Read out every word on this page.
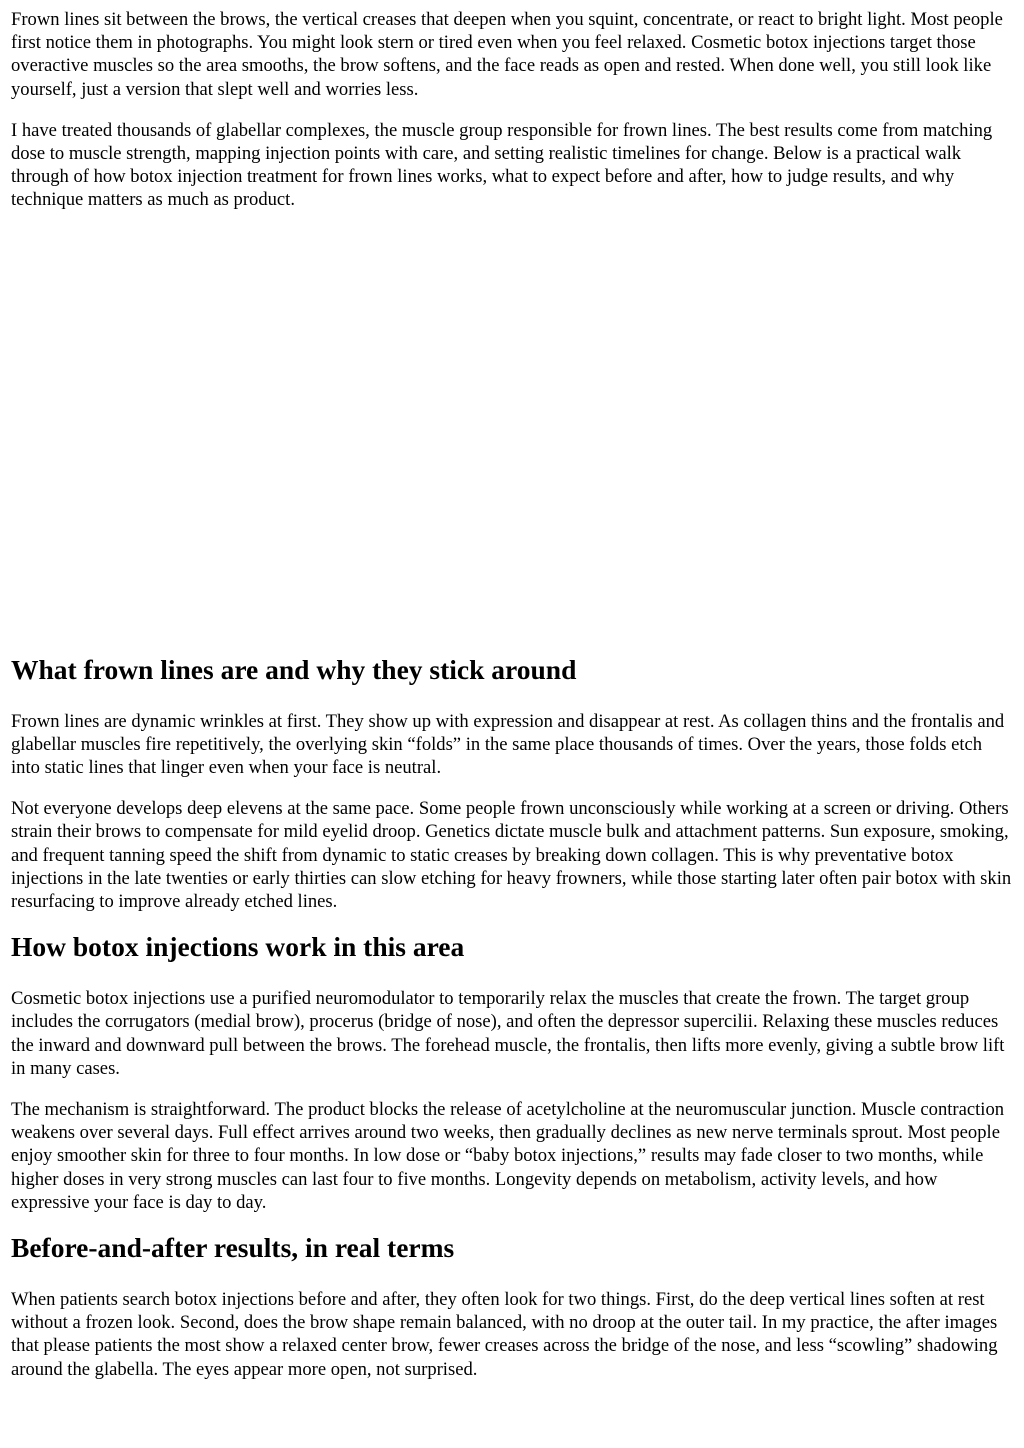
Frown lines sit between the brows, the vertical creases that deepen when you squint, concentrate, or react to bright light. Most people first notice them in photographs. You might look stern or tired even when you feel relaxed. Cosmetic botox injections target those overactive muscles so the area smooths, the brow softens, and the face reads as open and rested. When done well, you still look like yourself, just a version that slept well and worries less.

I have treated thousands of glabellar complexes, the muscle group responsible for frown lines. The best results come from matching dose to muscle strength, mapping injection points with care, and setting realistic timelines for change. Below is a practical walk through of how botox injection treatment for frown lines works, what to expect before and after, how to judge results, and why technique matters as much as product.

What frown lines are and why they stick around

Frown lines are dynamic wrinkles at first. They show up with expression and disappear at rest. As collagen thins and the frontalis and glabellar muscles fire repetitively, the overlying skin “folds” in the same place thousands of times. Over the years, those folds etch into static lines that linger even when your face is neutral.

Not everyone develops deep elevens at the same pace. Some people frown unconsciously while working at a screen or driving. Others strain their brows to compensate for mild eyelid droop. Genetics dictate muscle bulk and attachment patterns. Sun exposure, smoking, and frequent tanning speed the shift from dynamic to static creases by breaking down collagen. This is why preventative botox injections in the late twenties or early thirties can slow etching for heavy frowners, while those starting later often pair botox with skin resurfacing to improve already etched lines.

How botox injections work in this area

Cosmetic botox injections use a purified neuromodulator to temporarily relax the muscles that create the frown. The target group includes the corrugators (medial brow), procerus (bridge of nose), and often the depressor supercilii. Relaxing these muscles reduces the inward and downward pull between the brows. The forehead muscle, the frontalis, then lifts more evenly, giving a subtle brow lift in many cases.

The mechanism is straightforward. The product blocks the release of acetylcholine at the neuromuscular junction. Muscle contraction weakens over several days. Full effect arrives around two weeks, then gradually declines as new nerve terminals sprout. Most people enjoy smoother skin for three to four months. In low dose or “baby botox injections,” results may fade closer to two months, while higher doses in very strong muscles can last four to five months. Longevity depends on metabolism, activity levels, and how expressive your face is day to day.

Before-and-after results, in real terms

When patients search botox injections before and after, they often look for two things. First, do the deep vertical lines soften at rest without a frozen look. Second, does the brow shape remain balanced, with no droop at the outer tail. In my practice, the after images that please patients the most show a relaxed center brow, fewer creases across the bridge of the nose, and less “scowling” shadowing around the glabella. The eyes appear more open, not surprised.
